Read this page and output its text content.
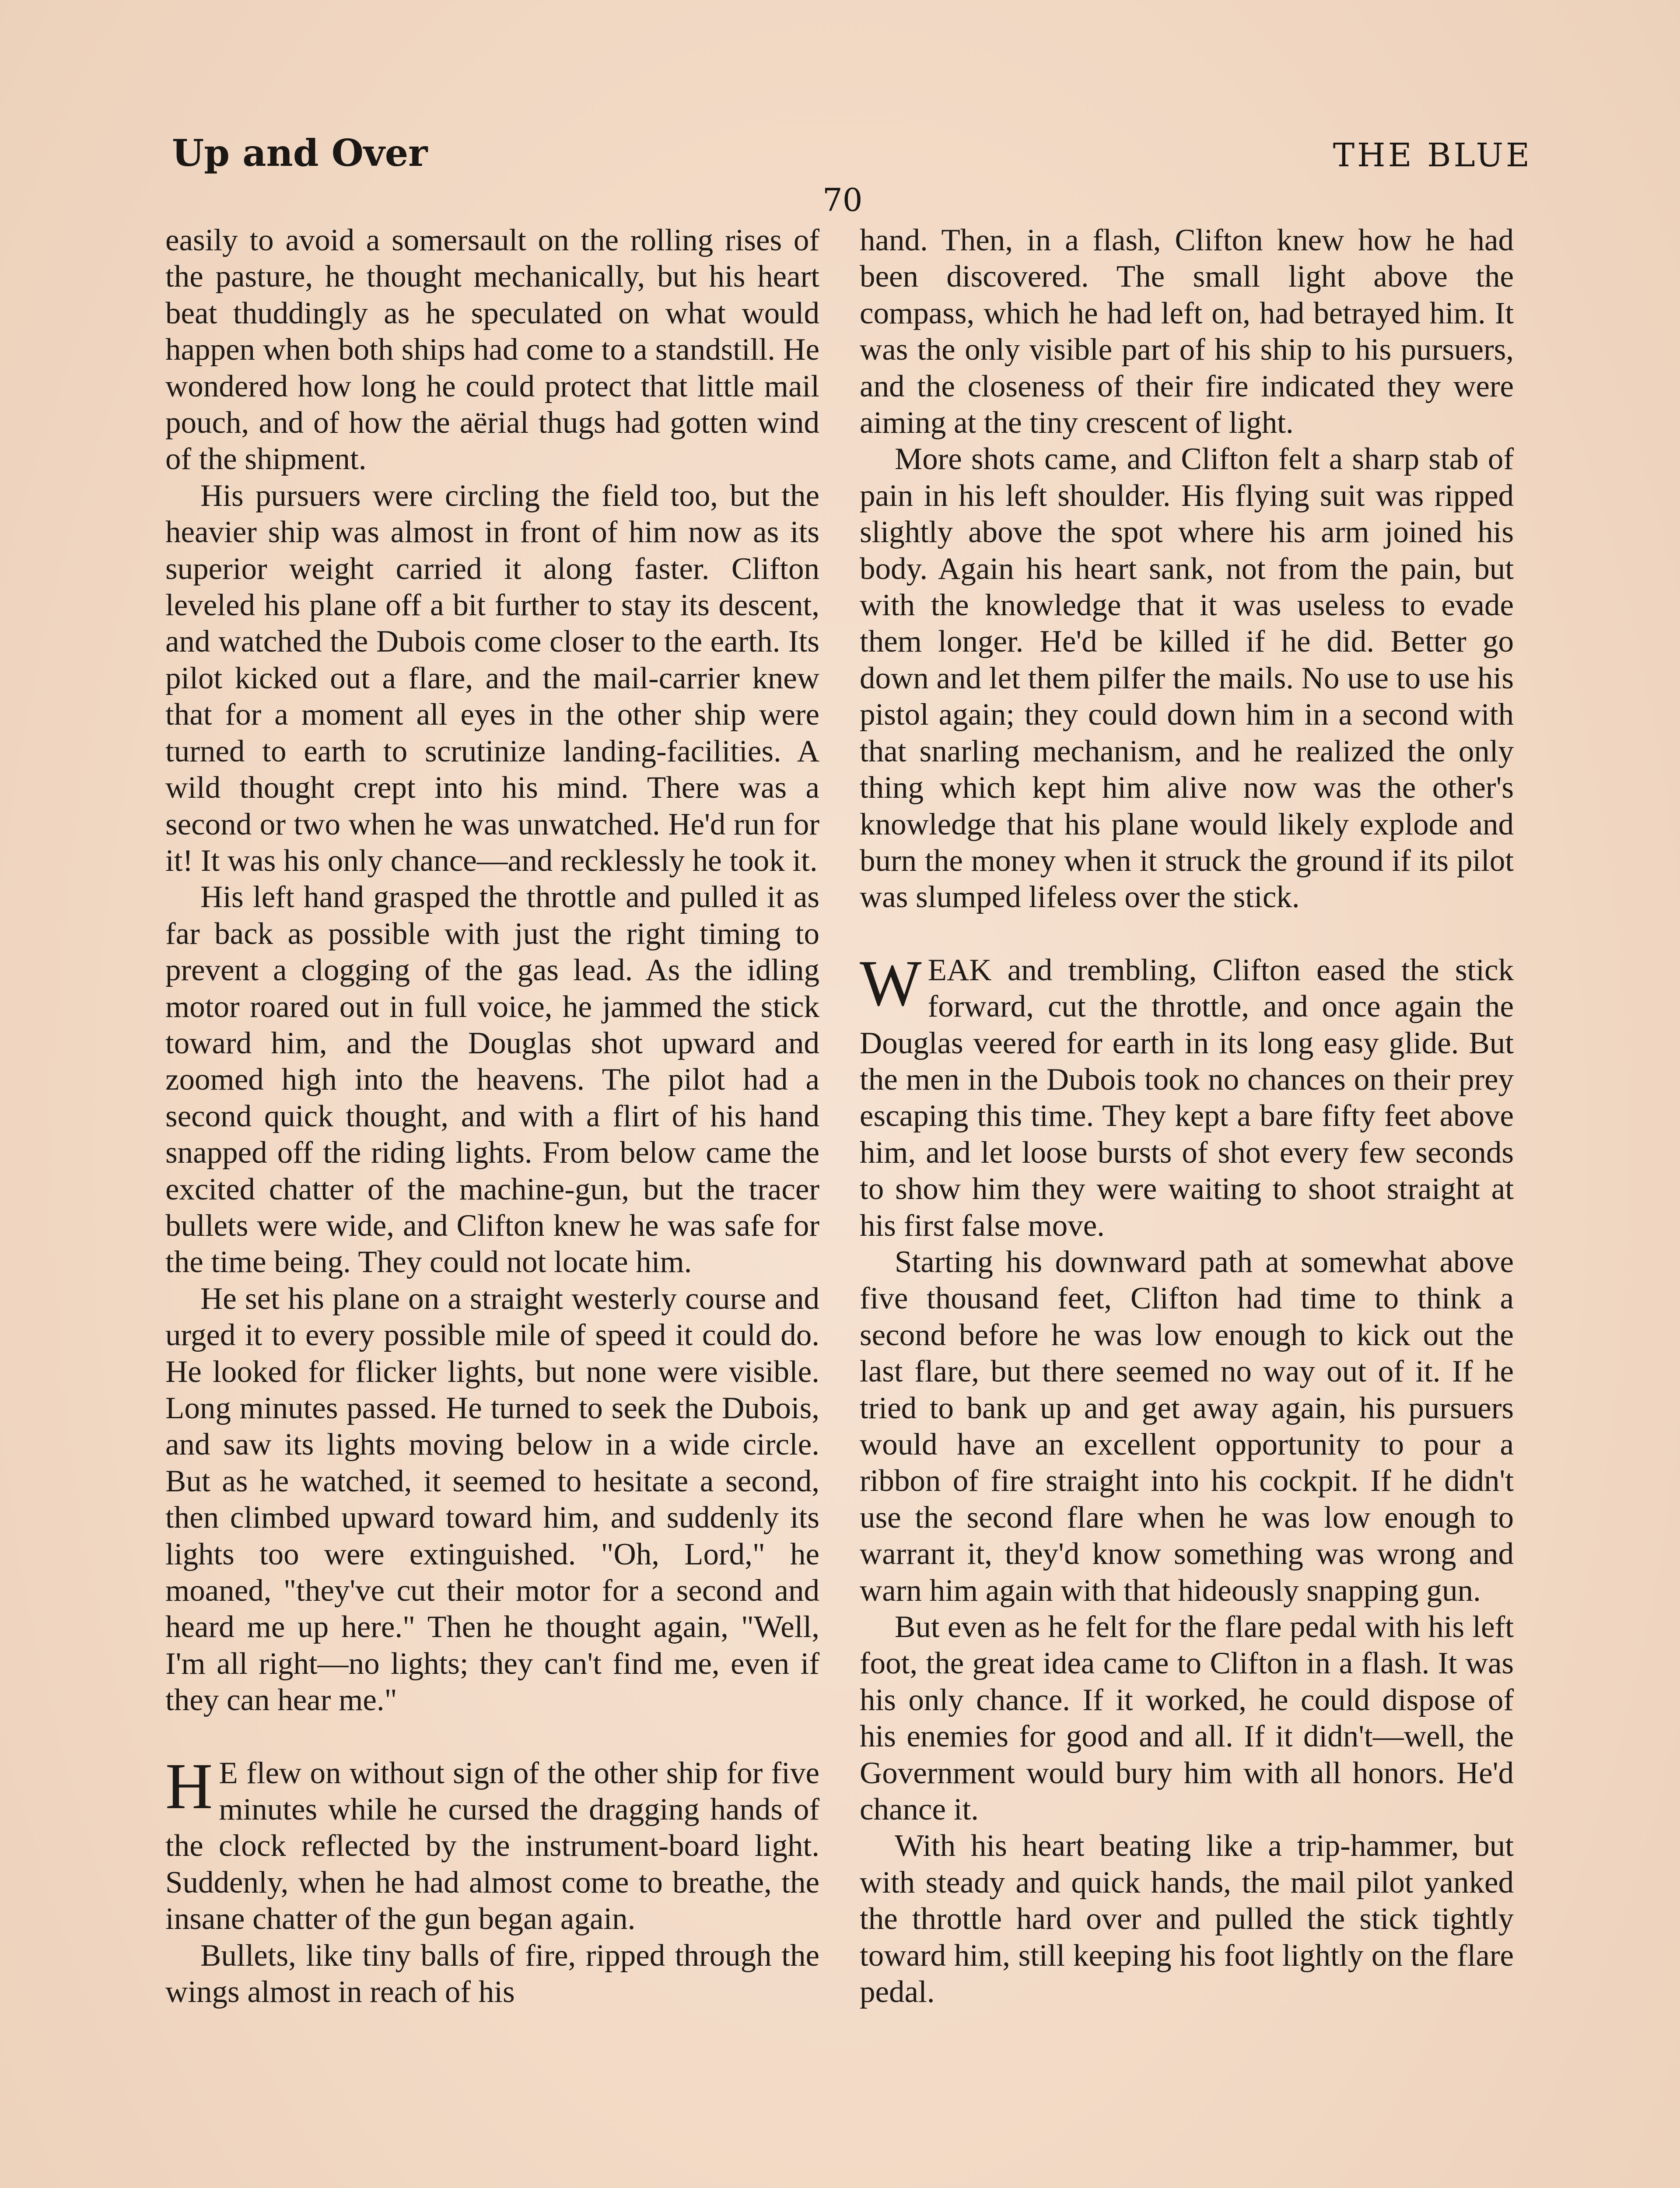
Up and Over	THE BLUE
70

easily to avoid a somersault on the rolling rises of the pasture, he thought mechanically, but his heart beat thuddingly as he speculated on what would happen when both ships had come to a standstill. He wondered how long he could protect that little mail pouch, and of how the aërial thugs had gotten wind of the shipment.

His pursuers were circling the field too, but the heavier ship was almost in front of him now as its superior weight carried it along faster. Clifton leveled his plane off a bit further to stay its descent, and watched the Dubois come closer to the earth. Its pilot kicked out a flare, and the mail-carrier knew that for a moment all eyes in the other ship were turned to earth to scrutinize landing-facilities. A wild thought crept into his mind. There was a second or two when he was unwatched. He'd run for it! It was his only chance—and recklessly he took it.

His left hand grasped the throttle and pulled it as far back as possible with just the right timing to prevent a clogging of the gas lead. As the idling motor roared out in full voice, he jammed the stick toward him, and the Douglas shot upward and zoomed high into the heavens. The pilot had a second quick thought, and with a flirt of his hand snapped off the riding lights. From below came the excited chatter of the machine-gun, but the tracer bullets were wide, and Clifton knew he was safe for the time being. They could not locate him.

He set his plane on a straight westerly course and urged it to every possible mile of speed it could do. He looked for flicker lights, but none were visible. Long minutes passed. He turned to seek the Dubois, and saw its lights moving below in a wide circle. But as he watched, it seemed to hesitate a second, then climbed upward toward him, and suddenly its lights too were extinguished. "Oh, Lord," he moaned, "they've cut their motor for a second and heard me up here." Then he thought again, "Well, I'm all right—no lights; they can't find me, even if they can hear me."

H E flew on without sign of the other ship for five minutes while he cursed the dragging hands of the clock reflected by the instrument-board light. Suddenly, when he had almost come to breathe, the insane chatter of the gun began again.

Bullets, like tiny balls of fire, ripped through the wings almost in reach of his

hand. Then, in a flash, Clifton knew how he had been discovered. The small light above the compass, which he had left on, had betrayed him. It was the only visible part of his ship to his pursuers, and the closeness of their fire indicated they were aiming at the tiny crescent of light.

More shots came, and Clifton felt a sharp stab of pain in his left shoulder. His flying suit was ripped slightly above the spot where his arm joined his body. Again his heart sank, not from the pain, but with the knowledge that it was useless to evade them longer. He'd be killed if he did. Better go down and let them pilfer the mails. No use to use his pistol again; they could down him in a second with that snarling mechanism, and he realized the only thing which kept him alive now was the other's knowledge that his plane would likely explode and burn the money when it struck the ground if its pilot was slumped lifeless over the stick.

WEAK and trembling, Clifton eased the stick forward, cut the throttle, and once again the Douglas veered for earth in its long easy glide. But the men in the Dubois took no chances on their prey escaping this time. They kept a bare fifty feet above him, and let loose bursts of shot every few seconds to show him they were waiting to shoot straight at his first false move.

Starting his downward path at somewhat above five thousand feet, Clifton had time to think a second before he was low enough to kick out the last flare, but there seemed no way out of it. If he tried to bank up and get away again, his pursuers would have an excellent opportunity to pour a ribbon of fire straight into his cockpit. If he didn't use the second flare when he was low enough to warrant it, they'd know something was wrong and warn him again with that hideously snapping gun.

But even as he felt for the flare pedal with his left foot, the great idea came to Clifton in a flash. It was his only chance. If it worked, he could dispose of his enemies for good and all. If it didn't—well, the Government would bury him with all honors. He'd chance it.

With his heart beating like a trip-hammer, but with steady and quick hands, the mail pilot yanked the throttle hard over and pulled the stick tightly toward him, still keeping his foot lightly on the flare pedal.
